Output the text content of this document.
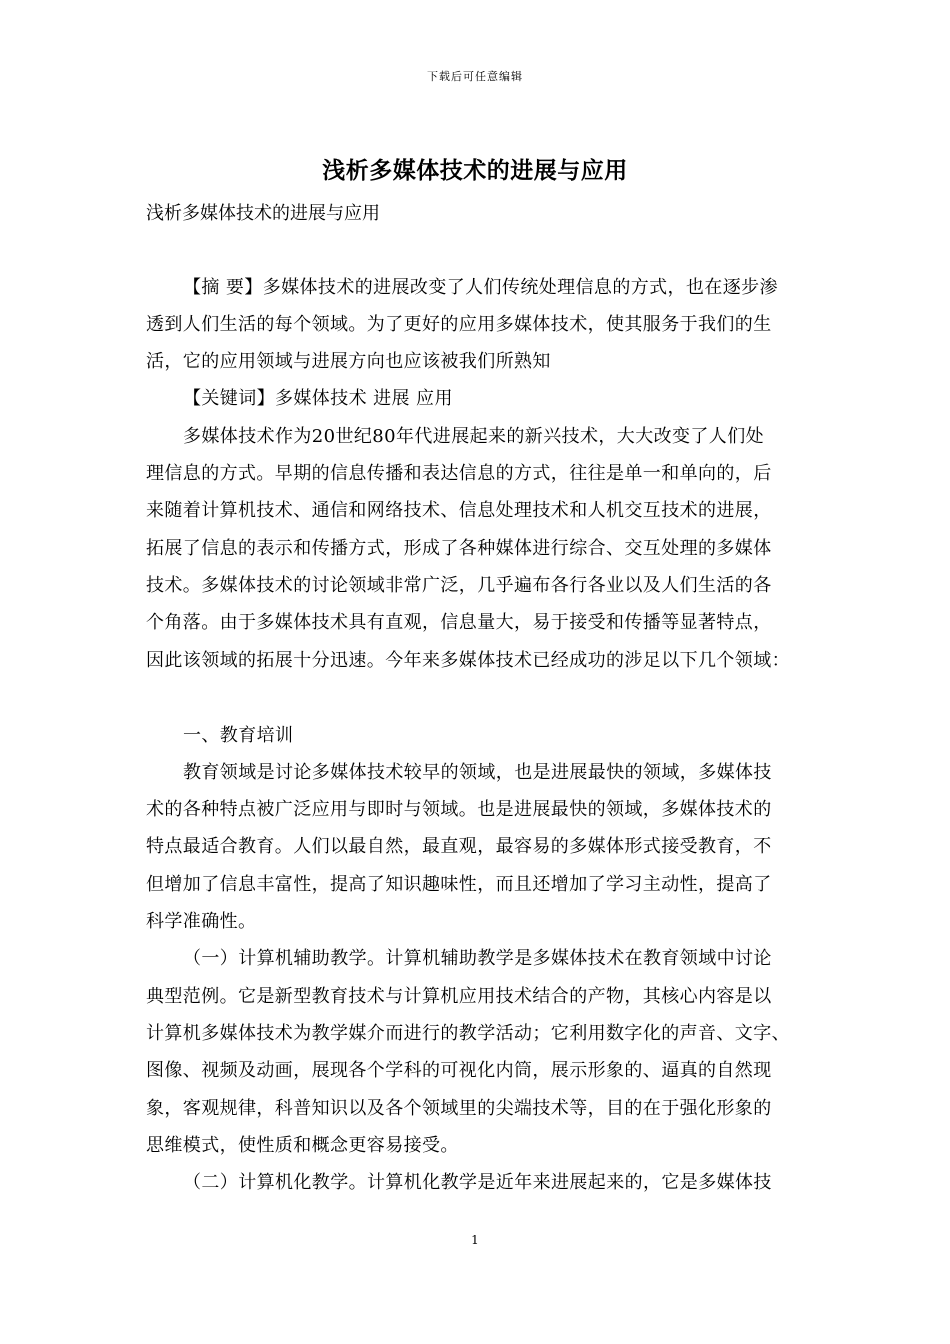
下载后可任意编辑
浅析多媒体技术的进展与应用
浅析多媒体技术的进展与应用
【摘 要】多媒体技术的进展改变了人们传统处理信息的方式，也在逐步渗
透到人们生活的每个领域。为了更好的应用多媒体技术，使其服务于我们的生
活，它的应用领域与进展方向也应该被我们所熟知
【关键词】多媒体技术 进展 应用
多媒体技术作为20世纪80年代进展起来的新兴技术，大大改变了人们处
理信息的方式。早期的信息传播和表达信息的方式，往往是单一和单向的，后
来随着计算机技术、通信和网络技术、信息处理技术和人机交互技术的进展，
拓展了信息的表示和传播方式，形成了各种媒体进行综合、交互处理的多媒体
技术。多媒体技术的讨论领域非常广泛，几乎遍布各行各业以及人们生活的各
个角落。由于多媒体技术具有直观，信息量大，易于接受和传播等显著特点，
因此该领域的拓展十分迅速。今年来多媒体技术已经成功的涉足以下几个领域：
一、教育培训
教育领域是讨论多媒体技术较早的领域，也是进展最快的领域，多媒体技
术的各种特点被广泛应用与即时与领域。也是进展最快的领域，多媒体技术的
特点最适合教育。人们以最自然，最直观，最容易的多媒体形式接受教育，不
但增加了信息丰富性，提高了知识趣味性，而且还增加了学习主动性，提高了
科学准确性。
（一）计算机辅助教学。计算机辅助教学是多媒体技术在教育领域中讨论
典型范例。它是新型教育技术与计算机应用技术结合的产物，其核心内容是以
计算机多媒体技术为教学媒介而进行的教学活动；它利用数字化的声音、文字、
图像、视频及动画，展现各个学科的可视化内筒，展示形象的、逼真的自然现
象，客观规律，科普知识以及各个领域里的尖端技术等，目的在于强化形象的
思维模式，使性质和概念更容易接受。
（二）计算机化教学。计算机化教学是近年来进展起来的，它是多媒体技
1
